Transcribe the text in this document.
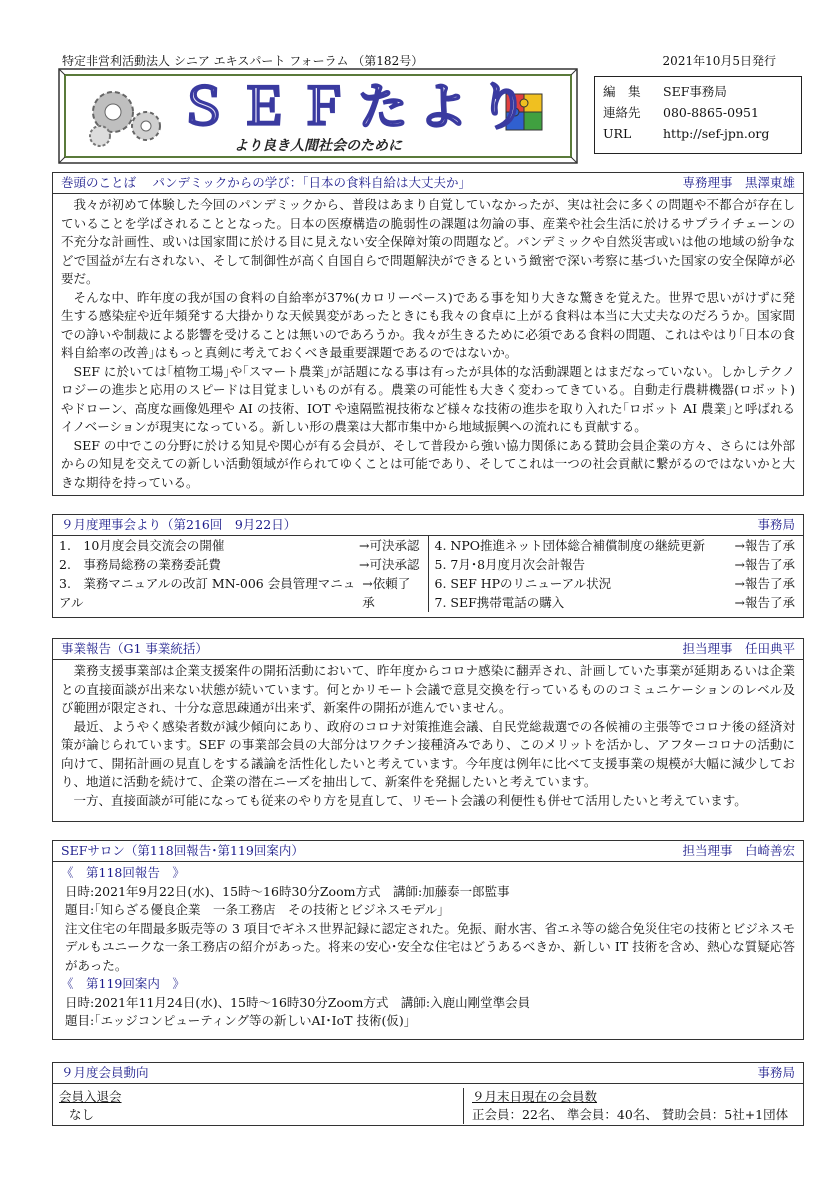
特定非営利活動法人 シニア エキスパート フォーラム （第182号）	2021年10月5日発行
ＳＥＦたより
より良き人間社会のために
編　集	SEF事務局
連絡先	080-8865-0951
URL	http://sef-jpn.org
巻頭のことば　 パンデミックからの学び：｢日本の食料自給は大丈夫か｣	専務理事　黒澤東雄

我々が初めて体験した今回のパンデミックから、普段はあまり自覚していなかったが、実は社会に多くの問題や不都合が存在していることを学ばされることとなった。日本の医療構造の脆弱性の課題は勿論の事、産業や社会生活に於けるサプライチェーンの不充分な計画性、或いは国家間に於ける目に見えない安全保障対策の問題など。パンデミックや自然災害或いは他の地域の紛争などで国益が左右されない、そして制御性が高く自国自らで問題解決ができるという緻密で深い考察に基づいた国家の安全保障が必要だ。

そんな中、昨年度の我が国の食料の自給率が37%(カロリーベース)である事を知り大きな驚きを覚えた。世界で思いがけずに発生する感染症や近年頻発する大掛かりな天候異変があったときにも我々の食卓に上がる食料は本当に大丈夫なのだろうか。国家間での諍いや制裁による影響を受けることは無いのであろうか。我々が生きるために必須である食料の問題、これはやはり｢日本の食料自給率の改善｣はもっと真剣に考えておくべき最重要課題であるのではないか。

SEF に於いては｢植物工場｣や｢スマート農業｣が話題になる事は有ったが具体的な活動課題とはまだなっていない。しかしテクノロジーの進歩と応用のスピードは目覚ましいものが有る。農業の可能性も大きく変わってきている。自動走行農耕機器(ロボット)やドローン、高度な画像処理や AI の技術、IOT や遠隔監視技術など様々な技術の進歩を取り入れた｢ロボット AI 農業｣と呼ばれるイノベーションが現実になっている。新しい形の農業は大都市集中から地域振興への流れにも貢献する。

SEF の中でこの分野に於ける知見や関心が有る会員が、そして普段から強い協力関係にある賛助会員企業の方々、さらには外部からの知見を交えての新しい活動領域が作られてゆくことは可能であり、そしてこれは一つの社会貢献に繋がるのではないかと大きな期待を持っている。

９月度理事会より（第216回　9月22日）	事務局
1.　10月度会員交流会の開催	→可決承認
2.　事務局総務の業務委託費	→可決承認
3.　業務マニュアルの改訂 MN-006 会員管理マニュアル
→依頼了承
4. NPO推進ネット団体総合補償制度の継続更新 →報告了承
5. 7月･8月度月次会計報告	→報告了承
6. SEF HPのリニューアル状況	→報告了承
7. SEF携帯電話の購入	→報告了承
事業報告（G1 事業統括）	担当理事　任田典平

業務支援事業部は企業支援案件の開拓活動において、昨年度からコロナ感染に翻弄され、計画していた事業が延期あるいは企業との直接面談が出来ない状態が続いています。何とかリモート会議で意見交換を行っているもののコミュニケーションのレベル及び範囲が限定され、十分な意思疎通が出来ず、新案件の開拓が進んでいません。

最近、ようやく感染者数が減少傾向にあり、政府のコロナ対策推進会議、自民党総裁選での各候補の主張等でコロナ後の経済対策が論じられています。SEF の事業部会員の大部分はワクチン接種済みであり、このメリットを活かし、アフターコロナの活動に向けて、開拓計画の見直しをする議論を活性化したいと考えています。今年度は例年に比べて支援事業の規模が大幅に減少しており、地道に活動を続けて、企業の潜在ニーズを抽出して、新案件を発掘したいと考えています。

一方、直接面談が可能になっても従来のやり方を見直して、リモート会議の利便性も併せて活用したいと考えています。

SEFサロン（第118回報告･第119回案内）	担当理事　白崎善宏
《　第118回報告　》
日時:2021年9月22日(水)、15時～16時30分Zoom方式　講師:加藤泰一郎監事
題目:｢知らざる優良企業　一条工務店　その技術とビジネスモデル｣
注文住宅の年間最多販売等の 3 項目でギネス世界記録に認定された。免振、耐水害、省エネ等の総合免災住宅の技術とビジネスモデルもユニークな一条工務店の紹介があった。将来の安心･安全な住宅はどうあるべきか、新しい IT 技術を含め、熱心な質疑応答があった。
《　第119回案内　》
日時:2021年11月24日(水)、15時～16時30分Zoom方式　講師:入鹿山剛堂準会員
題目:｢エッジコンピューティング等の新しいAI･IoT 技術(仮)｣
９月度会員動向	事務局
会員入退会
なし
９月末日現在の会員数
正会員：22名、 準会員：40名、 賛助会員：5社+1団体
